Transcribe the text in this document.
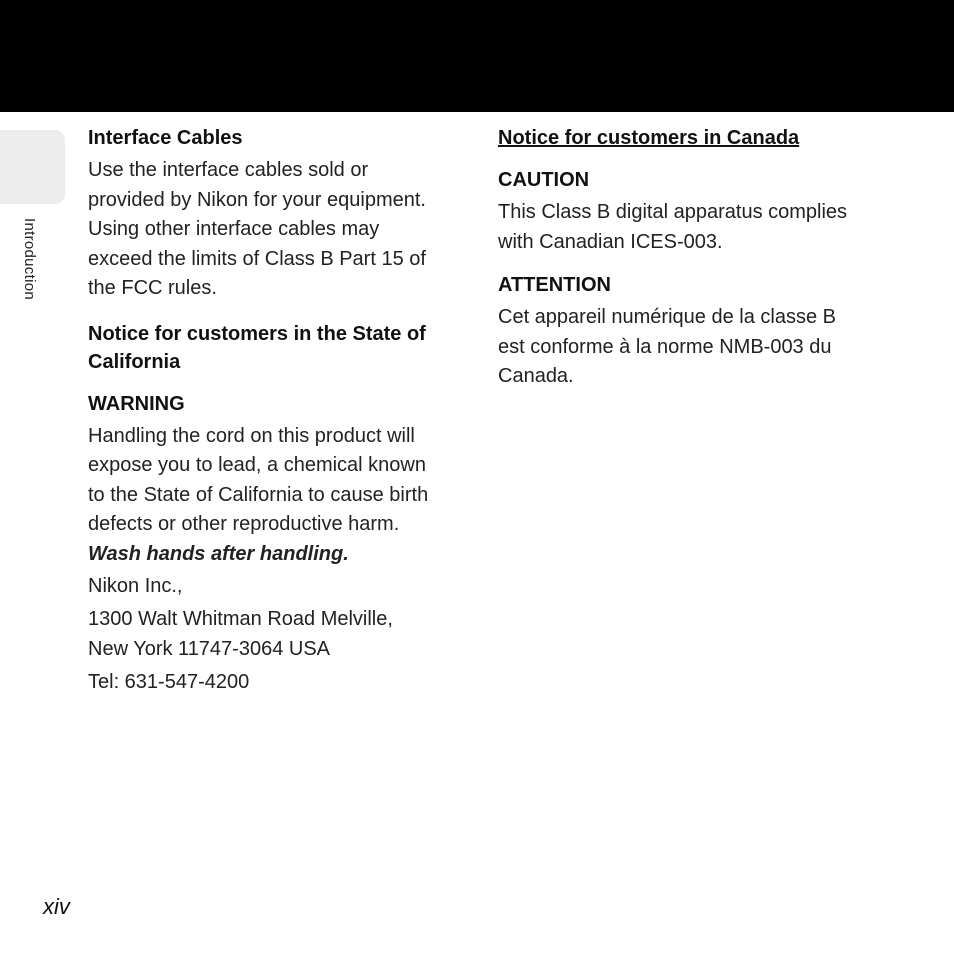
Introduction

Interface Cables

Use the interface cables sold or

provided by Nikon for your equipment.

Using other interface cables may

exceed the limits of Class B Part 15 of

the FCC rules.

Notice for customers in the State of

California

WARNING

Handling the cord on this product will

expose you to lead, a chemical known

to the State of California to cause birth

defects or other reproductive harm.

Wash hands after handling.

Nikon Inc.,

1300 Walt Whitman Road Melville,

New York 11747-3064 USA

Tel: 631-547-4200

Notice for customers in Canada

CAUTION

This Class B digital apparatus complies

with Canadian ICES-003.

ATTENTION

Cet appareil numérique de la classe B

est conforme à la norme NMB-003 du

Canada.

xiv
